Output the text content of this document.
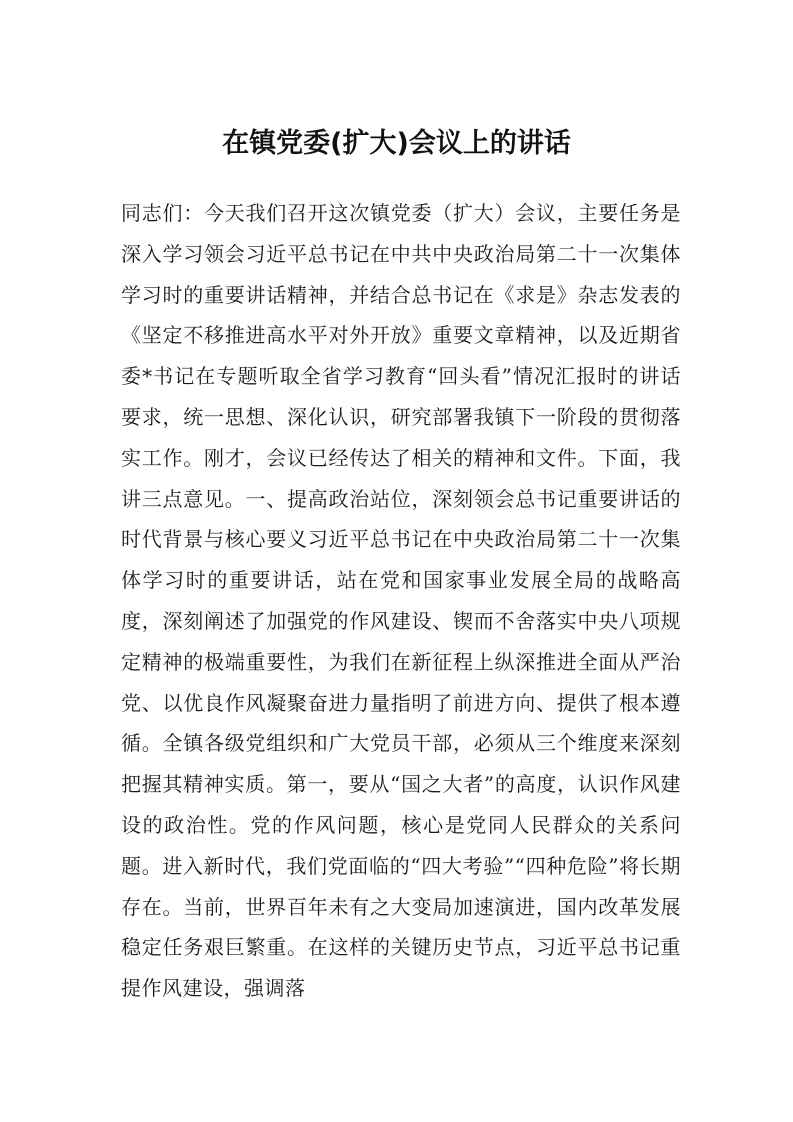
在镇党委(扩大)会议上的讲话

同志们：今天我们召开这次镇党委（扩大）会议，主要任务是深入学习领会习近平总书记在中共中央政治局第二十一次集体学习时的重要讲话精神，并结合总书记在《求是》杂志发表的《坚定不移推进高水平对外开放》重要文章精神，以及近期省委*书记在专题听取全省学习教育“回头看”情况汇报时的讲话要求，统一思想、深化认识，研究部署我镇下一阶段的贯彻落实工作。刚才，会议已经传达了相关的精神和文件。下面，我讲三点意见。一、提高政治站位，深刻领会总书记重要讲话的时代背景与核心要义习近平总书记在中央政治局第二十一次集体学习时的重要讲话，站在党和国家事业发展全局的战略高度，深刻阐述了加强党的作风建设、锲而不舍落实中央八项规定精神的极端重要性，为我们在新征程上纵深推进全面从严治党、以优良作风凝聚奋进力量指明了前进方向、提供了根本遵循。全镇各级党组织和广大党员干部，必须从三个维度来深刻把握其精神实质。第一，要从“国之大者”的高度，认识作风建设的政治性。党的作风问题，核心是党同人民群众的关系问题。进入新时代，我们党面临的“四大考验”“四种危险”将长期存在。当前，世界百年未有之大变局加速演进，国内改革发展稳定任务艰巨繁重。在这样的关键历史节点，习近平总书记重提作风建设，强调落
